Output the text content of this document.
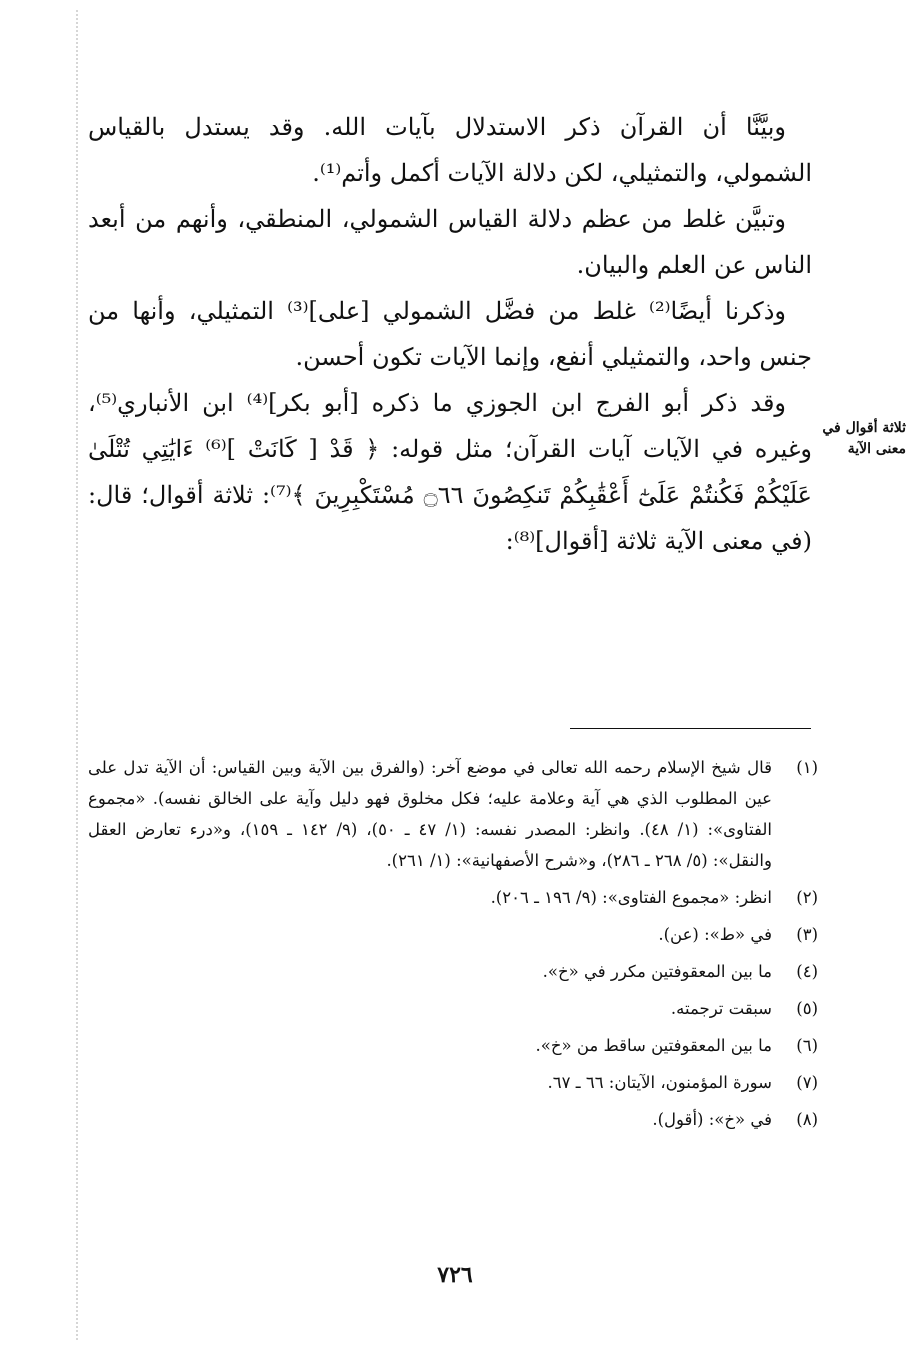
وبيَّنَّا أن القرآن ذكر الاستدلال بآيات الله. وقد يستدل بالقياس الشمولي، والتمثيلي، لكن دلالة الآيات أكمل وأتم⁽¹⁾.

وتبيَّن غلط من عظم دلالة القياس الشمولي، المنطقي، وأنهم من أبعد الناس عن العلم والبيان.

وذكرنا أيضًا⁽²⁾ غلط من فضَّل الشمولي [على]⁽³⁾ التمثيلي، وأنها من جنس واحد، والتمثيلي أنفع، وإنما الآيات تكون أحسن.

وقد ذكر أبو الفرج ابن الجوزي ما ذكره [أبو بكر]⁽⁴⁾ ابن الأنباري⁽⁵⁾، وغيره في الآيات آيات القرآن؛ مثل قوله: ﴿ قَدْ [ كَانَتْ ]⁽⁶⁾ ءَايَٰتِي تُتْلَىٰ عَلَيْكُمْ فَكُنتُمْ عَلَىٰٓ أَعْقَٰبِكُمْ تَنكِصُونَ ۝٦٦ مُسْتَكْبِرِينَ ﴾⁽⁷⁾: ثلاثة أقوال؛ قال: (في معنى الآية ثلاثة [أقوال]⁽⁸⁾:

ثلاثة أقوال في معنى الآية
(١)
قال شيخ الإسلام رحمه الله تعالى في موضع آخر: (والفرق بين الآية وبين القياس: أن الآية تدل على عين المطلوب الذي هي آية وعلامة عليه؛ فكل مخلوق فهو دليل وآية على الخالق نفسه). «مجموع الفتاوى»: (١/ ٤٨). وانظر: المصدر نفسه: (١/ ٤٧ ـ ٥٠)، (٩/ ١٤٢ ـ ١٥٩)، و«درء تعارض العقل والنقل»: (٥/ ٢٦٨ ـ ٢٨٦)، و«شرح الأصفهانية»: (١/ ٢٦١).
(٢)
انظر: «مجموع الفتاوى»: (٩/ ١٩٦ ـ ٢٠٦).
(٣)
في «ط»: (عن).
(٤)
ما بين المعقوفتين مكرر في «خ».
(٥)
سبقت ترجمته.
(٦)
ما بين المعقوفتين ساقط من «خ».
(٧)
سورة المؤمنون، الآيتان: ٦٦ ـ ٦٧.
(٨)
في «خ»: (أقول).
٧٢٦
